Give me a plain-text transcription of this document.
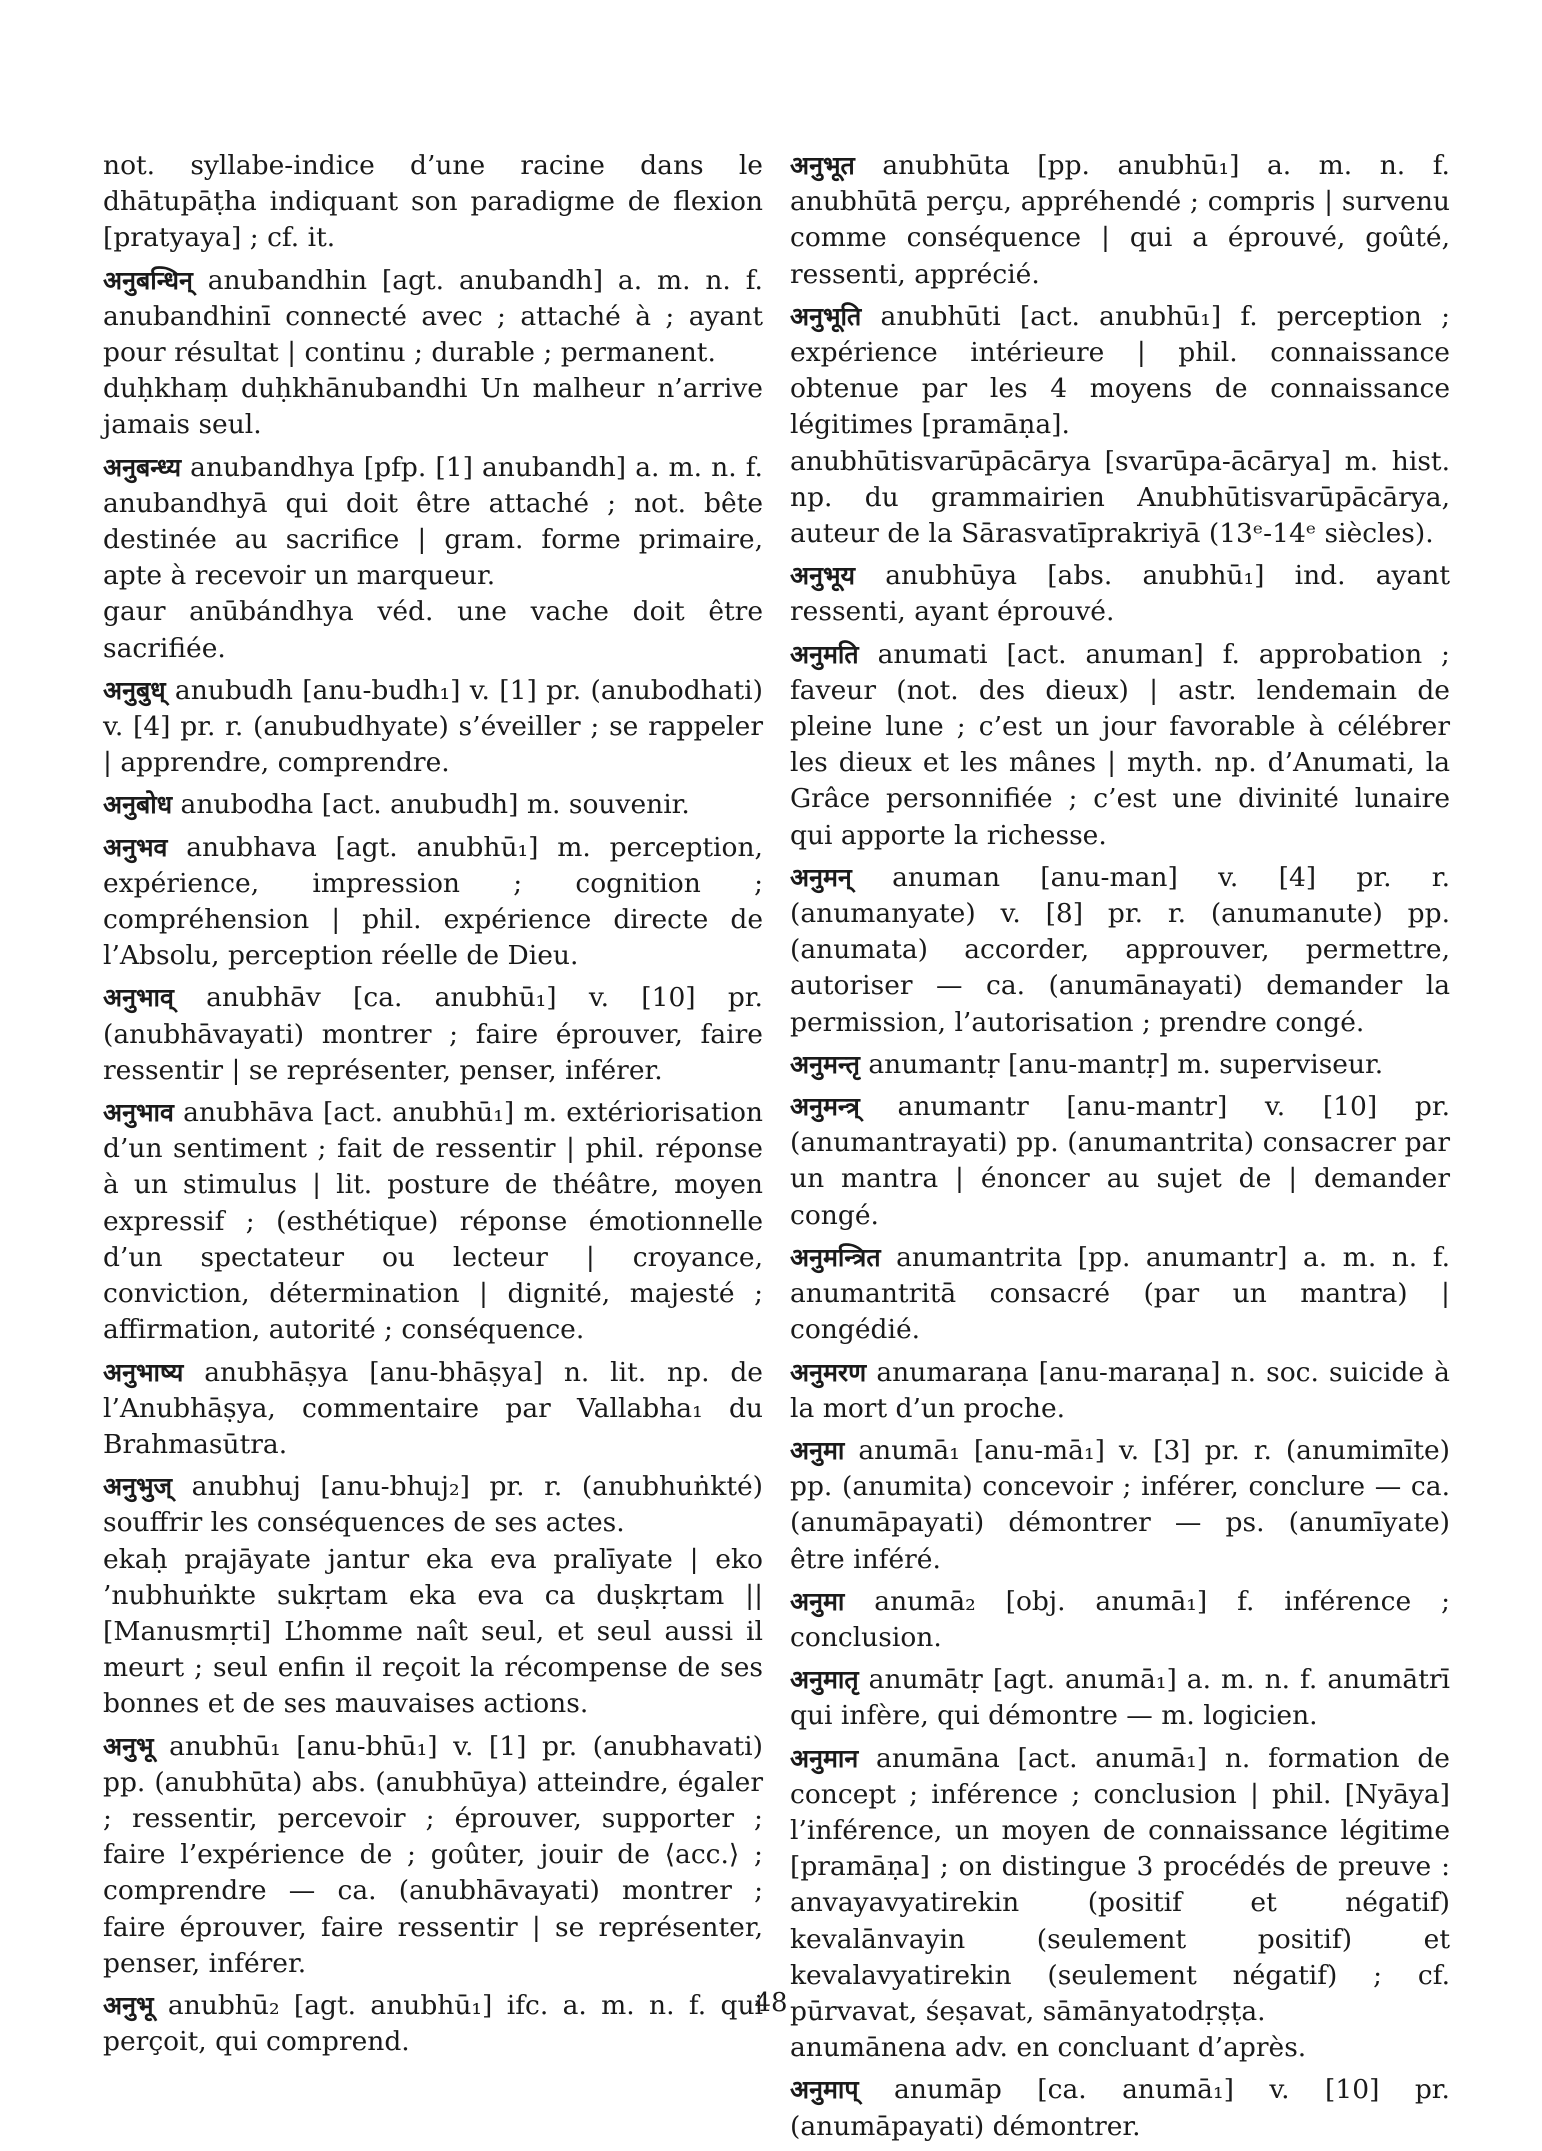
not. syllabe-indice d’une racine dans le dhātupāṭha indiquant son paradigme de flexion [pratyaya] ; cf. it.

अनुबन्धिन् anubandhin [agt. anubandh] a. m. n. f. anubandhinī connecté avec ; attaché à ; ayant pour résultat | continu ; durable ; permanent.

duḥkhaṃ duḥkhānubandhi Un malheur n’arrive jamais seul.

अनुबन्ध्य anubandhya [pfp. [1] anubandh] a. m. n. f. anubandhyā qui doit être attaché ; not. bête destinée au sacrifice | gram. forme primaire, apte à recevoir un marqueur.

gaur anūbándhya véd. une vache doit être sacrifiée.

अनुबुध् anubudh [anu-budh₁] v. [1] pr. (anubodhati) v. [4] pr. r. (anubudhyate) s’éveiller ; se rappeler | apprendre, comprendre.

अनुबोध anubodha [act. anubudh] m. souvenir.

अनुभव anubhava [agt. anubhū₁] m. perception, expérience, impression ; cognition ; compréhension | phil. expérience directe de l’Absolu, perception réelle de Dieu.

अनुभाव् anubhāv [ca. anubhū₁] v. [10] pr. (anubhāvayati) montrer ; faire éprouver, faire ressentir | se représenter, penser, inférer.

अनुभाव anubhāva [act. anubhū₁] m. extériorisation d’un sentiment ; fait de ressentir | phil. réponse à un stimulus | lit. posture de théâtre, moyen expressif ; (esthétique) réponse émotionnelle d’un spectateur ou lecteur | croyance, conviction, détermination | dignité, majesté ; affirmation, autorité ; conséquence.

अनुभाष्य anubhāṣya [anu-bhāṣya] n. lit. np. de l’Anubhāṣya, commentaire par Vallabha₁ du Brahmasūtra.

अनुभुज् anubhuj [anu-bhuj₂] pr. r. (anubhuṅkté) souffrir les conséquences de ses actes.

ekaḥ prajāyate jantur eka eva pralīyate | eko ’nubhuṅkte sukṛtam eka eva ca duṣkṛtam || [Manusmṛti] L’homme naît seul, et seul aussi il meurt ; seul enfin il reçoit la récompense de ses bonnes et de ses mauvaises actions.

अनुभू anubhū₁ [anu-bhū₁] v. [1] pr. (anubhavati) pp. (anubhūta) abs. (anubhūya) atteindre, égaler ; ressentir, percevoir ; éprouver, supporter ; faire l’expérience de ; goûter, jouir de ⟨acc.⟩ ; comprendre — ca. (anubhāvayati) montrer ; faire éprouver, faire ressentir | se représenter, penser, inférer.

अनुभू anubhū₂ [agt. anubhū₁] ifc. a. m. n. f. qui perçoit, qui comprend.

अनुभूत anubhūta [pp. anubhū₁] a. m. n. f. anubhūtā perçu, appréhendé ; compris | survenu comme conséquence | qui a éprouvé, goûté, ressenti, apprécié.

अनुभूति anubhūti [act. anubhū₁] f. perception ; expérience intérieure | phil. connaissance obtenue par les 4 moyens de connaissance légitimes [pramāṇa].

anubhūtisvarūpācārya [svarūpa-ācārya] m. hist. np. du grammairien Anubhūtisvarūpācārya, auteur de la Sārasvatīprakriyā (13ᵉ-14ᵉ siècles).

अनुभूय anubhūya [abs. anubhū₁] ind. ayant ressenti, ayant éprouvé.

अनुमति anumati [act. anuman] f. approbation ; faveur (not. des dieux) | astr. lendemain de pleine lune ; c’est un jour favorable à célébrer les dieux et les mânes | myth. np. d’Anumati, la Grâce personnifiée ; c’est une divinité lunaire qui apporte la richesse.

अनुमन् anuman [anu-man] v. [4] pr. r. (anumanyate) v. [8] pr. r. (anumanute) pp. (anumata) accorder, approuver, permettre, autoriser — ca. (anumānayati) demander la permission, l’autorisation ; prendre congé.

अनुमन्तृ anumantṛ [anu-mantṛ] m. superviseur.

अनुमन्त्र् anumantr [anu-mantr] v. [10] pr. (anumantrayati) pp. (anumantrita) consacrer par un mantra | énoncer au sujet de | demander congé.

अनुमन्त्रित anumantrita [pp. anumantr] a. m. n. f. anumantritā consacré (par un mantra) | congédié.

अनुमरण anumaraṇa [anu-maraṇa] n. soc. suicide à la mort d’un proche.

अनुमा anumā₁ [anu-mā₁] v. [3] pr. r. (anumimīte) pp. (anumita) concevoir ; inférer, conclure — ca. (anumāpayati) démontrer — ps. (anumīyate) être inféré.

अनुमा anumā₂ [obj. anumā₁] f. inférence ; conclusion.

अनुमातृ anumātṛ [agt. anumā₁] a. m. n. f. anumātrī qui infère, qui démontre — m. logicien.

अनुमान anumāna [act. anumā₁] n. formation de concept ; inférence ; conclusion | phil. [Nyāya] l’inférence, un moyen de connaissance légitime [pramāṇa] ; on distingue 3 procédés de preuve : anvayavyatirekin (positif et négatif) kevalānvayin (seulement positif) et kevalavyatirekin (seulement négatif) ; cf. pūrvavat, śeṣavat, sāmānyatodṛṣṭa.

anumānena adv. en concluant d’après.

अनुमाप् anumāp [ca. anumā₁] v. [10] pr. (anumāpayati) démontrer.

48
